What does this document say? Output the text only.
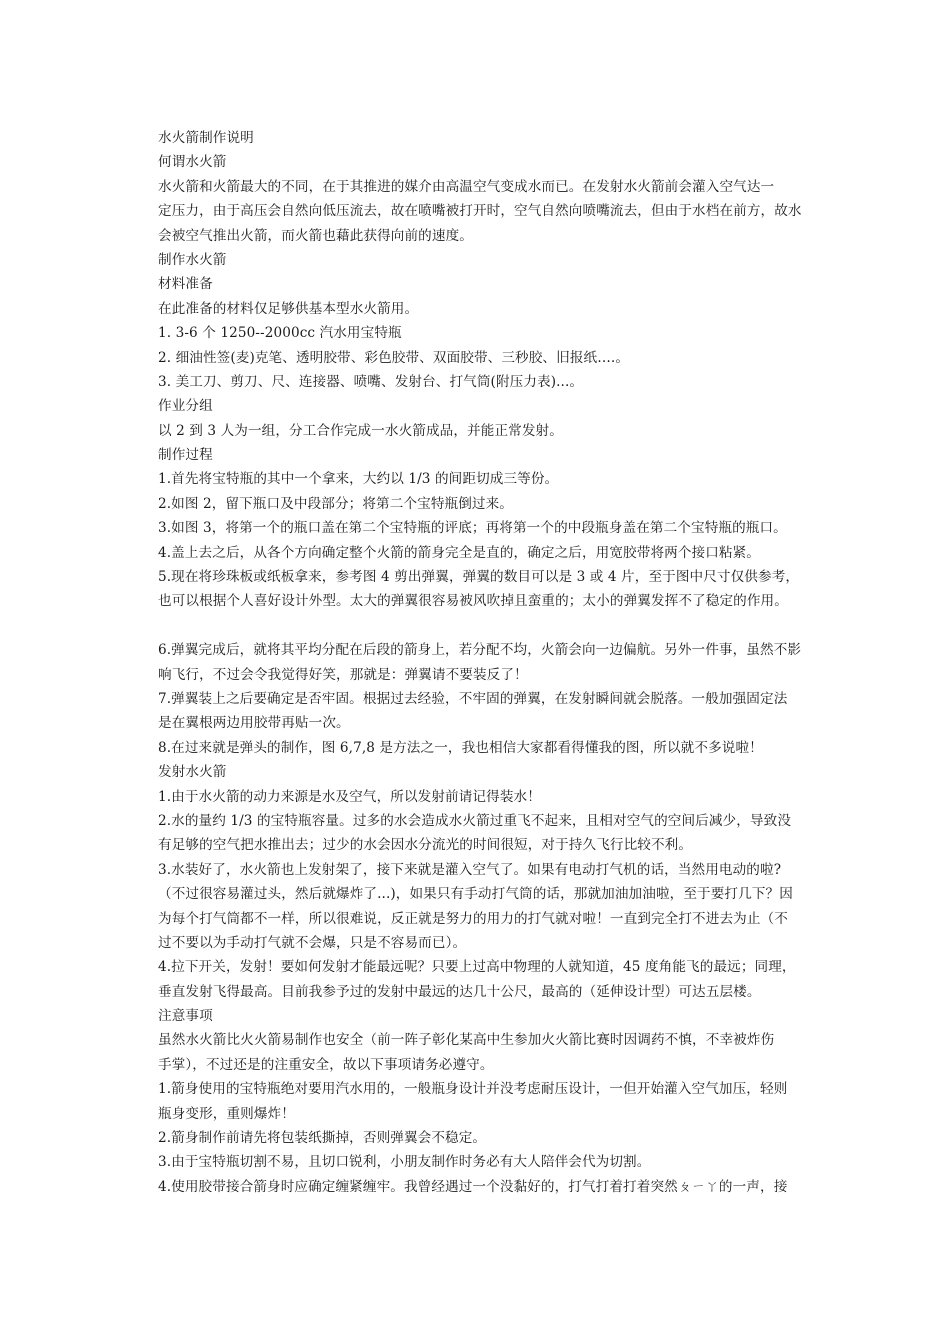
水火箭制作说明
何谓水火箭
水火箭和火箭最大的不同，在于其推进的媒介由高温空气变成水而已。在发射水火箭前会灌入空气达一
定压力，由于高压会自然向低压流去，故在喷嘴被打开时，空气自然向喷嘴流去，但由于水档在前方，故水
会被空气推出火箭，而火箭也藉此获得向前的速度。
制作水火箭
材料准备
在此准备的材料仅足够供基本型水火箭用。
1. 3-6 个 1250--2000cc 汽水用宝特瓶
2. 细油性签(麦)克笔、透明胶带、彩色胶带、双面胶带、三秒胶、旧报纸….。
3. 美工刀、剪刀、尺、连接器、喷嘴、发射台、打气筒(附压力表)...。
作业分组
以 2 到 3 人为一组，分工合作完成一水火箭成品，并能正常发射。
制作过程
1.首先将宝特瓶的其中一个拿来，大约以 1/3 的间距切成三等份。
2.如图 2，留下瓶口及中段部分；将第二个宝特瓶倒过来。
3.如图 3，将第一个的瓶口盖在第二个宝特瓶的评底；再将第一个的中段瓶身盖在第二个宝特瓶的瓶口。
4.盖上去之后，从各个方向确定整个火箭的箭身完全是直的，确定之后，用宽胶带将两个接口粘紧。
5.现在将珍珠板或纸板拿来，参考图 4 剪出弹翼，弹翼的数目可以是 3 或 4 片，至于图中尺寸仅供参考，
也可以根据个人喜好设计外型。太大的弹翼很容易被风吹掉且蛮重的；太小的弹翼发挥不了稳定的作用。
6.弹翼完成后，就将其平均分配在后段的箭身上，若分配不均，火箭会向一边偏航。另外一件事，虽然不影
响飞行，不过会令我觉得好笑，那就是：弹翼请不要装反了！
7.弹翼装上之后要确定是否牢固。根据过去经验，不牢固的弹翼，在发射瞬间就会脱落。一般加强固定法
是在翼根两边用胶带再贴一次。
8.在过来就是弹头的制作，图 6,7,8 是方法之一，我也相信大家都看得懂我的图，所以就不多说啦！
发射水火箭
1.由于水火箭的动力来源是水及空气，所以发射前请记得装水！
2.水的量约 1/3 的宝特瓶容量。过多的水会造成水火箭过重飞不起来，且相对空气的空间后减少，导致没
有足够的空气把水推出去；过少的水会因水分流光的时间很短，对于持久飞行比较不利。
3.水装好了，水火箭也上发射架了，接下来就是灌入空气了。如果有电动打气机的话，当然用电动的啦?
（不过很容易灌过头，然后就爆炸了...)，如果只有手动打气筒的话，那就加油加油啦，至于要打几下？因
为每个打气筒都不一样，所以很难说，反正就是努力的用力的打气就对啦！一直到完全打不进去为止（不
过不要以为手动打气就不会爆，只是不容易而已）。
4.拉下开关，发射！要如何发射才能最远呢？只要上过高中物理的人就知道，45 度角能飞的最远；同理，
垂直发射飞得最高。目前我参予过的发射中最远的达几十公尺，最高的（延伸设计型）可达五层楼。
注意事项
虽然水火箭比火火箭易制作也安全（前一阵子彰化某高中生参加火火箭比赛时因调药不慎，不幸被炸伤
手掌），不过还是的注重安全，故以下事项请务必遵守。
1.箭身使用的宝特瓶绝对要用汽水用的，一般瓶身设计并没考虑耐压设计，一但开始灌入空气加压，轻则
瓶身变形，重则爆炸！
2.箭身制作前请先将包装纸撕掉，否则弹翼会不稳定。
3.由于宝特瓶切割不易，且切口锐利，小朋友制作时务必有大人陪伴会代为切割。
4.使用胶带接合箭身时应确定缠紧缠牢。我曾经遇过一个没黏好的，打气打着打着突然ㄆㄧㄚ的一声，接
